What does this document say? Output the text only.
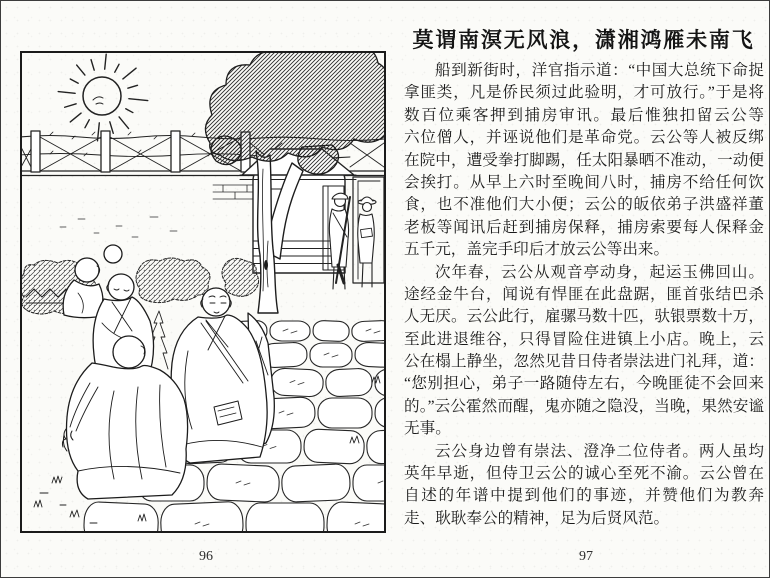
莫谓南溟无风浪，潇湘鸿雁未南飞
船到新街时，洋官指示道：“中国大总统下命捉
拿匪类，凡是侨民须过此验明，才可放行。”于是将
数百位乘客押到捕房审讯。最后惟独扣留云公等
六位僧人，并诬说他们是革命党。云公等人被反绑
在院中，遭受拳打脚踢，任太阳暴晒不准动，一动便
会挨打。从早上六时至晚间八时，捕房不给任何饮
食，也不准他们大小便；云公的皈依弟子洪盛祥董
老板等闻讯后赶到捕房保释，捕房索要每人保释金
五千元，盖完手印后才放云公等出来。
次年春，云公从观音亭动身，起运玉佛回山。
途经金牛台，闻说有悍匪在此盘踞，匪首张结巴杀
人无厌。云公此行，雇骡马数十匹，驮银票数十万，
至此进退维谷，只得冒险住进镇上小店。晚上，云
公在榻上静坐，忽然见昔日侍者崇法进门礼拜，道：
“您别担心，弟子一路随侍左右，今晚匪徒不会回来
的。”云公霍然而醒，鬼亦随之隐没，当晚，果然安谧
无事。
云公身边曾有崇法、澄净二位侍者。两人虽均
英年早逝，但侍卫云公的诚心至死不渝。云公曾在
自述的年谱中提到他们的事迹，并赞他们为教奔
走、耿耿奉公的精神，足为后贤风范。
96	97
